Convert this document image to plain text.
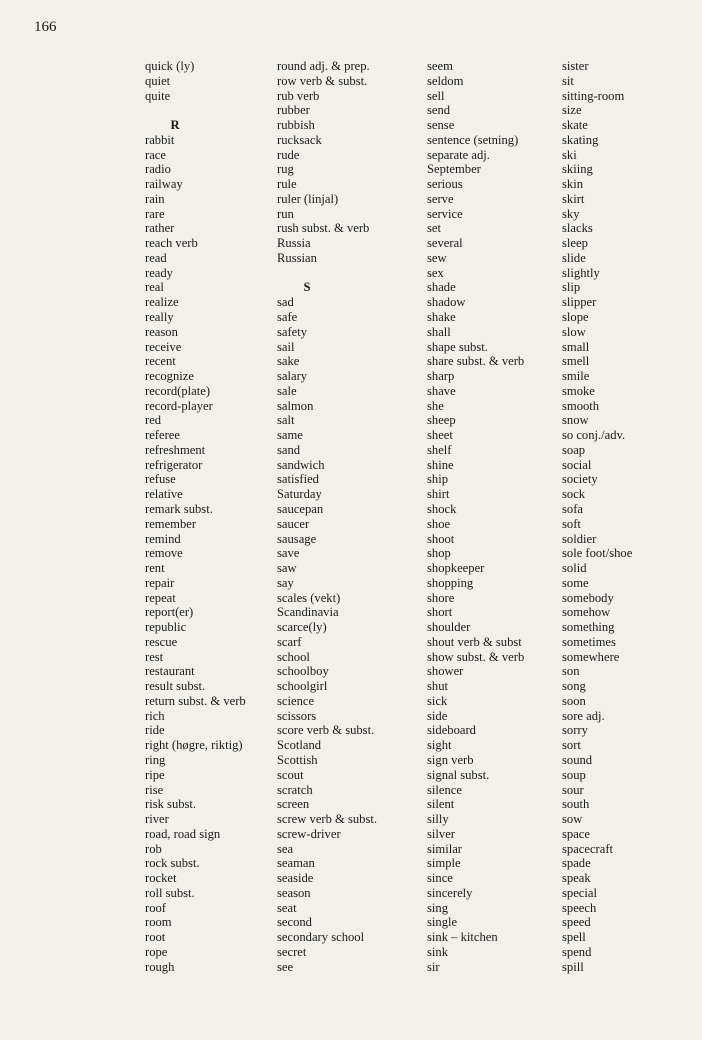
166
quick (ly)
quiet
quite
R
rabbit
race
radio
railway
rain
rare
rather
reach verb
read
ready
real
realize
really
reason
receive
recent
recognize
record(plate)
record-player
red
referee
refreshment
refrigerator
refuse
relative
remark subst.
remember
remind
remove
rent
repair
repeat
report(er)
republic
rescue
rest
restaurant
result subst.
return subst. & verb
rich
ride
right (høgre, riktig)
ring
ripe
rise
risk subst.
river
road, road sign
rob
rock subst.
rocket
roll subst.
roof
room
root
rope
rough
round adj. & prep.
row verb & subst.
rub verb
rubber
rubbish
rucksack
rude
rug
rule
ruler (linjal)
run
rush subst. & verb
Russia
Russian
S
sad
safe
safety
sail
sake
salary
sale
salmon
salt
same
sand
sandwich
satisfied
Saturday
saucepan
saucer
sausage
save
saw
say
scales (vekt)
Scandinavia
scarce(ly)
scarf
school
schoolboy
schoolgirl
science
scissors
score verb & subst.
Scotland
Scottish
scout
scratch
screen
screw verb & subst.
screw-driver
sea
seaman
seaside
season
seat
second
secondary school
secret
see
seem
seldom
sell
send
sense
sentence (setning)
separate adj.
September
serious
serve
service
set
several
sew
sex
shade
shadow
shake
shall
shape subst.
share subst. & verb
sharp
shave
she
sheep
sheet
shelf
shine
ship
shirt
shock
shoe
shoot
shop
shopkeeper
shopping
shore
short
shoulder
shout verb & subst
show subst. & verb
shower
shut
sick
side
sideboard
sight
sign verb
signal subst.
silence
silent
silly
silver
similar
simple
since
sincerely
sing
single
sink – kitchen
sink
sir
sister
sit
sitting-room
size
skate
skating
ski
skiing
skin
skirt
sky
slacks
sleep
slide
slightly
slip
slipper
slope
slow
small
smell
smile
smoke
smooth
snow
so conj./adv.
soap
social
society
sock
sofa
soft
soldier
sole foot/shoe
solid
some
somebody
somehow
something
sometimes
somewhere
son
song
soon
sore adj.
sorry
sort
sound
soup
sour
south
sow
space
spacecraft
spade
speak
special
speech
speed
spell
spend
spill
